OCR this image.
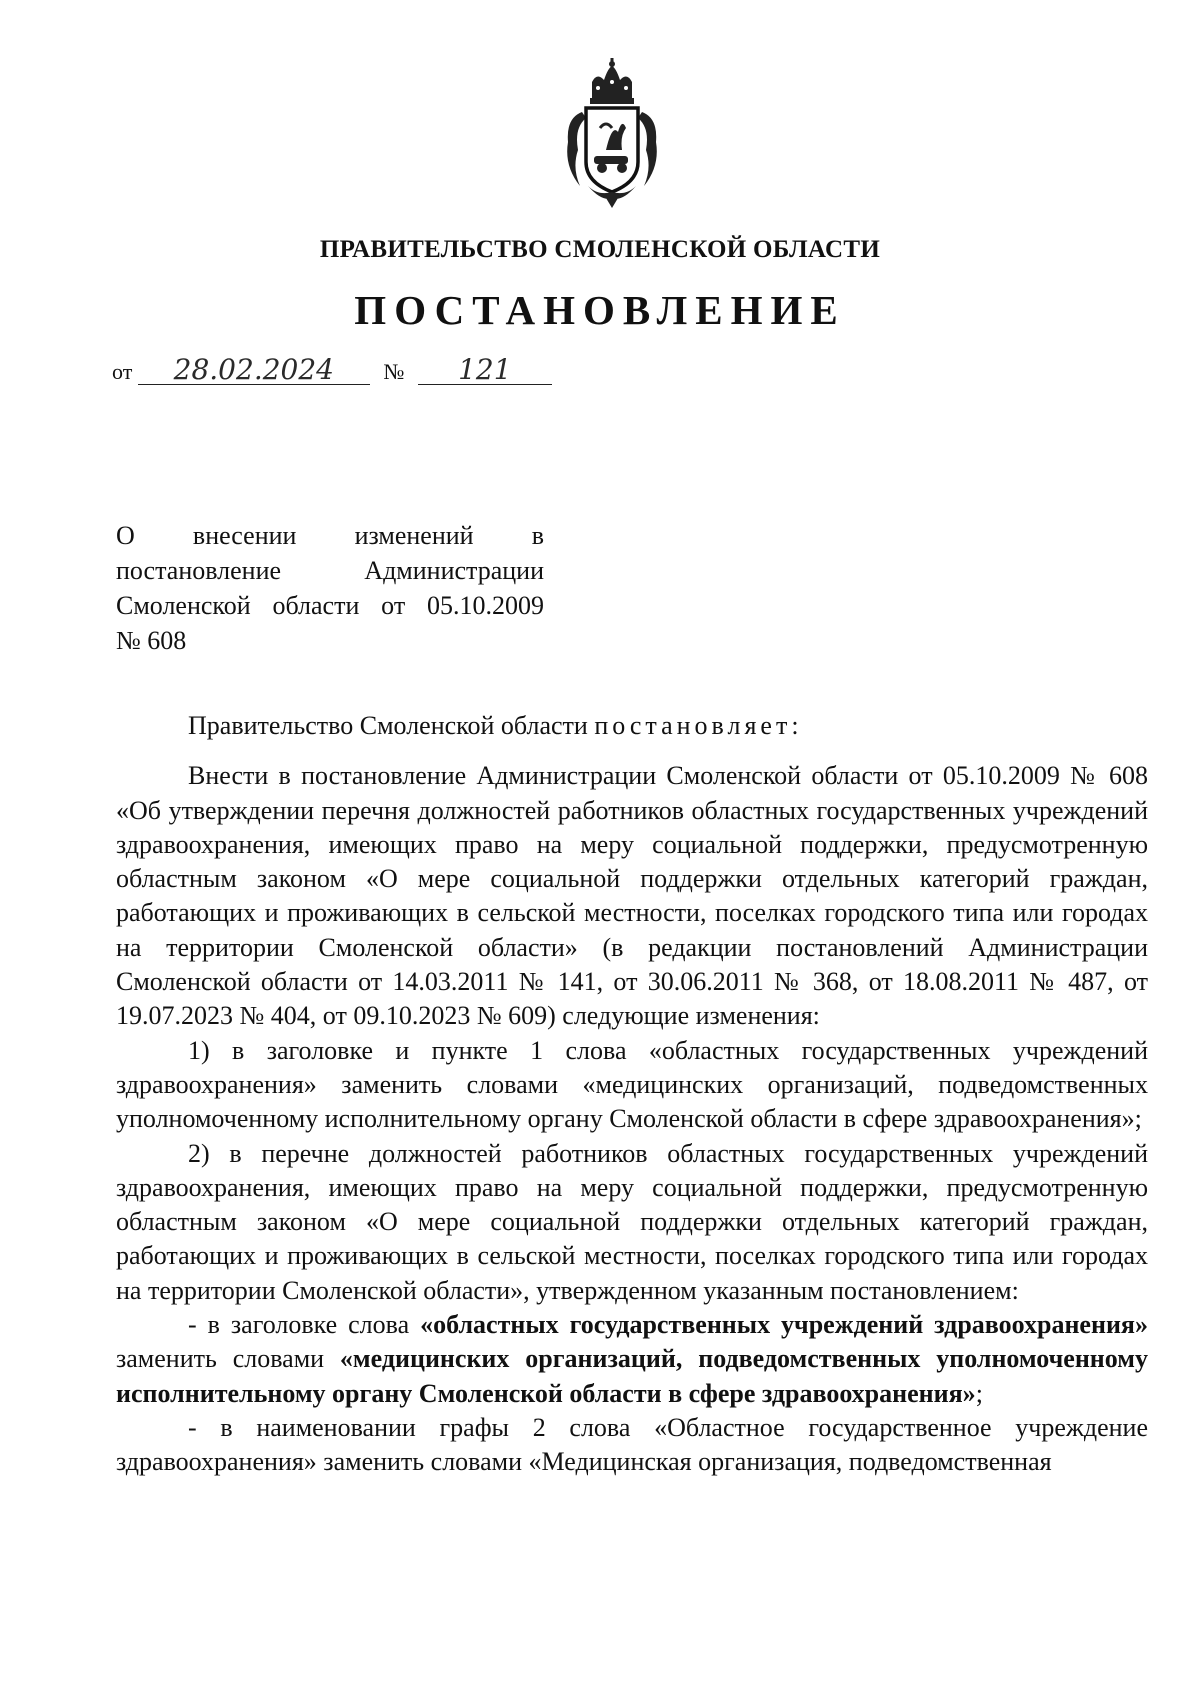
ПРАВИТЕЛЬСТВО СМОЛЕНСКОЙ ОБЛАСТИ
ПОСТАНОВЛЕНИЕ
от 28.02.2024 № 121
О внесении изменений в
постановление Администрации
Смоленской области от 05.10.2009
№ 608

Правительство Смоленской области постановляет:

Внести в постановление Администрации Смоленской области от 05.10.2009 № 608 «Об утверждении перечня должностей работников областных государственных учреждений здравоохранения, имеющих право на меру социальной поддержки, предусмотренную областным законом «О мере социальной поддержки отдельных категорий граждан, работающих и проживающих в сельской местности, поселках городского типа или городах на территории Смоленской области» (в редакции постановлений Администрации Смоленской области от 14.03.2011 № 141, от 30.06.2011 № 368, от 18.08.2011 № 487, от 19.07.2023 № 404, от 09.10.2023 № 609) следующие изменения:

1) в заголовке и пункте 1 слова «областных государственных учреждений здравоохранения» заменить словами «медицинских организаций, подведомственных уполномоченному исполнительному органу Смоленской области в сфере здравоохранения»;

2) в перечне должностей работников областных государственных учреждений здравоохранения, имеющих право на меру социальной поддержки, предусмотренную областным законом «О мере социальной поддержки отдельных категорий граждан, работающих и проживающих в сельской местности, поселках городского типа или городах на территории Смоленской области», утвержденном указанным постановлением:

- в заголовке слова «областных государственных учреждений здравоохранения» заменить словами «медицинских организаций, подведомственных уполномоченному исполнительному органу Смоленской области в сфере здравоохранения»;

- в наименовании графы 2 слова «Областное государственное учреждение здравоохранения» заменить словами «Медицинская организация, подведомственная
